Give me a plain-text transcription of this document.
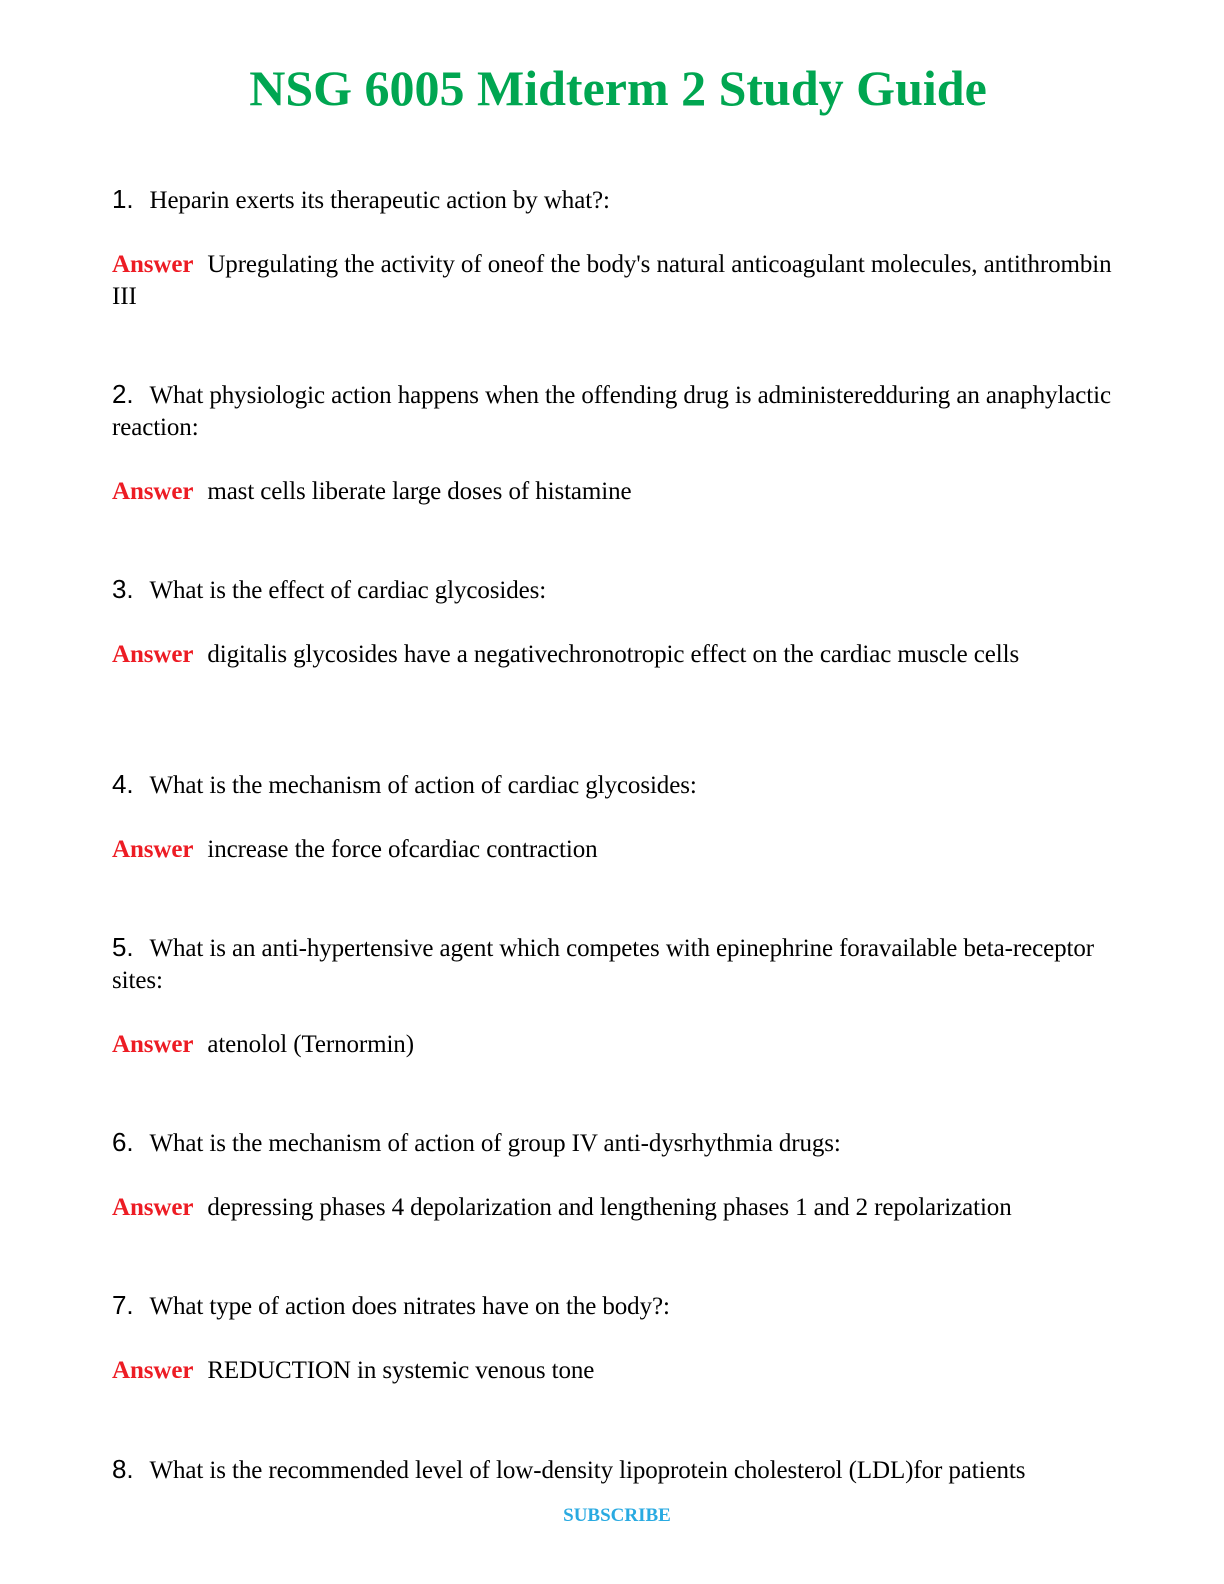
NSG 6005 Midterm 2 Study Guide

1. Heparin exerts its therapeutic action by what?:

Answer Upregulating the activity of oneof the body's natural anticoagulant molecules, antithrombin III

2. What physiologic action happens when the offending drug is administeredduring an anaphylactic reaction:

Answer mast cells liberate large doses of histamine

3. What is the effect of cardiac glycosides:

Answer digitalis glycosides have a negativechronotropic effect on the cardiac muscle cells

4. What is the mechanism of action of cardiac glycosides:

Answer increase the force ofcardiac contraction

5. What is an anti-hypertensive agent which competes with epinephrine foravailable beta-receptor sites:

Answer atenolol (Ternormin)

6. What is the mechanism of action of group IV anti-dysrhythmia drugs:

Answer depressing phases 4 depolarization and lengthening phases 1 and 2 repolarization

7. What type of action does nitrates have on the body?:

Answer REDUCTION in systemic venous tone

8. What is the recommended level of low-density lipoprotein cholesterol (LDL)for patients

SUBSCRIBE
